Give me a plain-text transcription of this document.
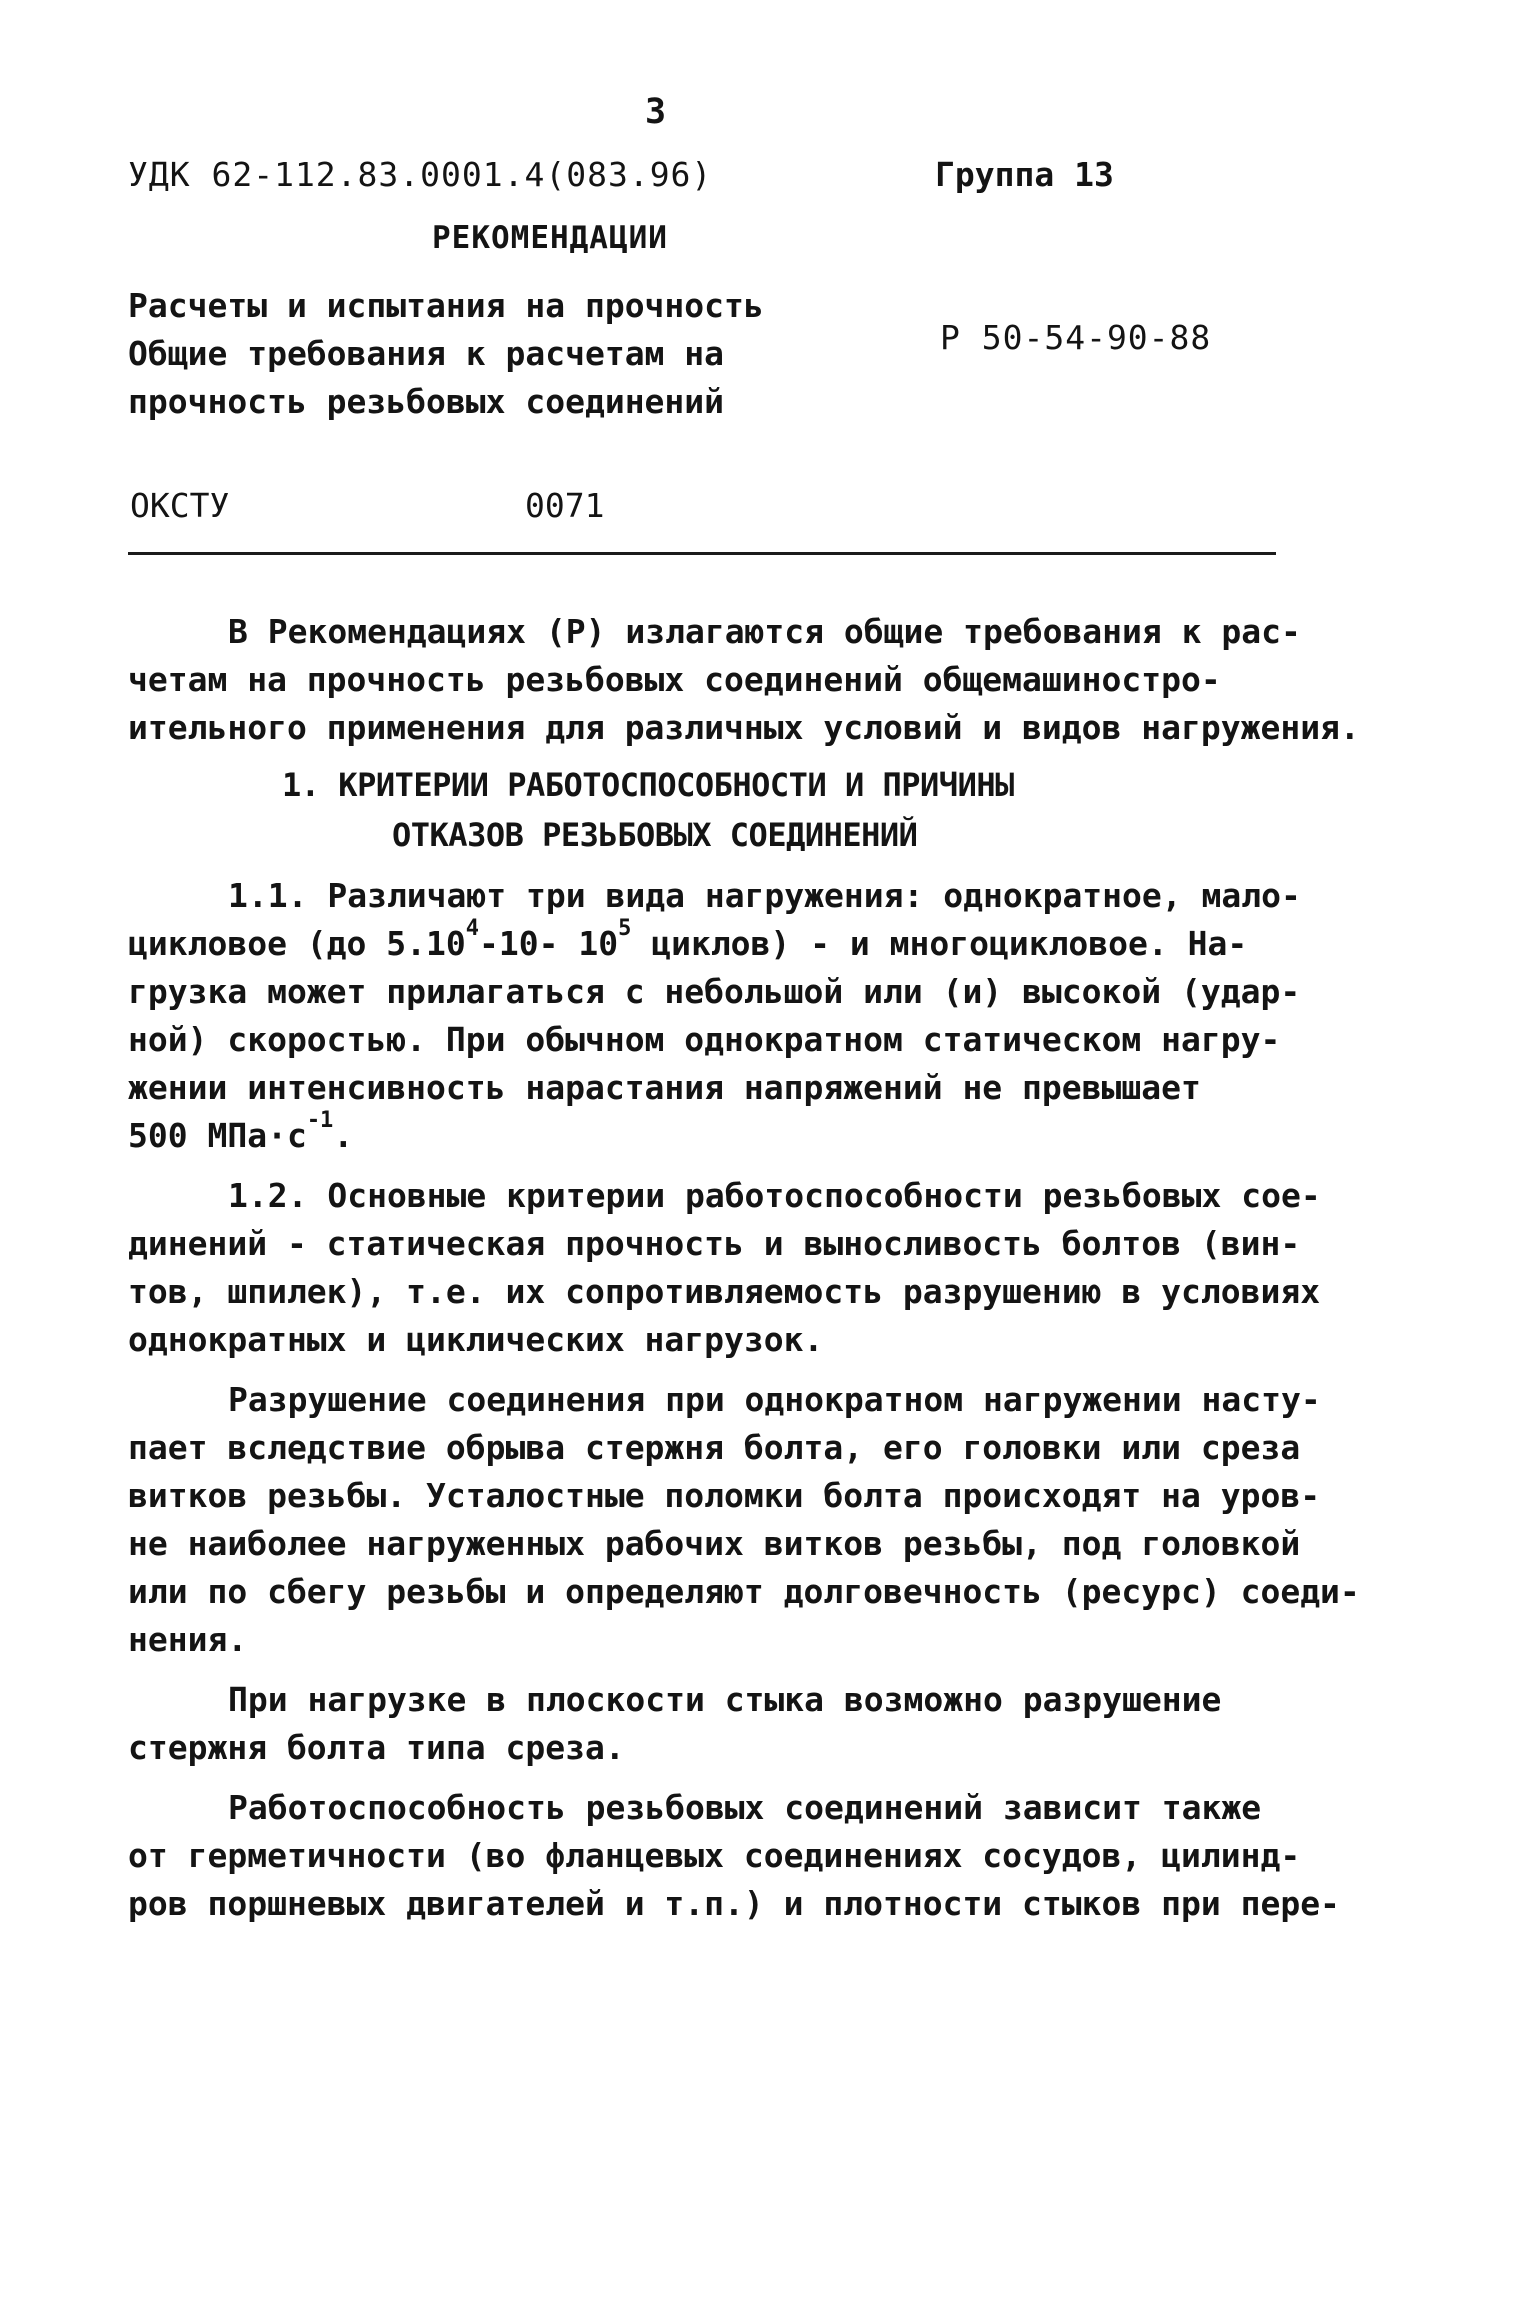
3
УДК 62-112.83.0001.4(083.96)	Группа 13
РЕКОМЕНДАЦИИ
Расчеты и испытания на прочность
Общие требования к расчетам на
прочность резьбовых соединений
Р 50-54-90-88
ОКСТУ	0071
В Рекомендациях (Р) излагаются общие требования к рас-
четам на прочность резьбовых соединений общемашиностро-
ительного применения для различных условий и видов нагружения.
1. КРИТЕРИИ РАБОТОСПОСОБНОСТИ И ПРИЧИНЫ
ОТКАЗОВ РЕЗЬБОВЫХ СОЕДИНЕНИЙ
1.1. Различают три вида нагружения: однократное, мало-
цикловое (до 5.10$^4$-10- $10^5$ циклов) - и многоцикловое. На-
грузка может прилагаться с небольшой или (и) высокой (удар-
ной) скоростью. При обычном однократном статическом нагру-
жении интенсивность нарастания напряжений не превышает
500 $МПа\cdot с^{-1}$.
1.2. Основные критерии работоспособности резьбовых сое-
динений - статическая прочность и выносливость болтов (вин-
тов, шпилек), т.е. их сопротивляемость разрушению в условиях
однократных и циклических нагрузок.
Разрушение соединения при однократном нагружении насту-
пает вследствие обрыва стержня болта, его головки или среза
витков резьбы. Усталостные поломки болта происходят на уров-
не наиболее нагруженных рабочих витков резьбы, под головкой
или по сбегу резьбы и определяют долговечность (ресурс) соеди-
нения.
При нагрузке в плоскости стыка возможно разрушение
стержня болта типа среза.
Работоспособность резьбовых соединений зависит также
от герметичности (во фланцевых соединениях сосудов, цилинд-
ров поршневых двигателей и т.п.) и плотности стыков при пере-
